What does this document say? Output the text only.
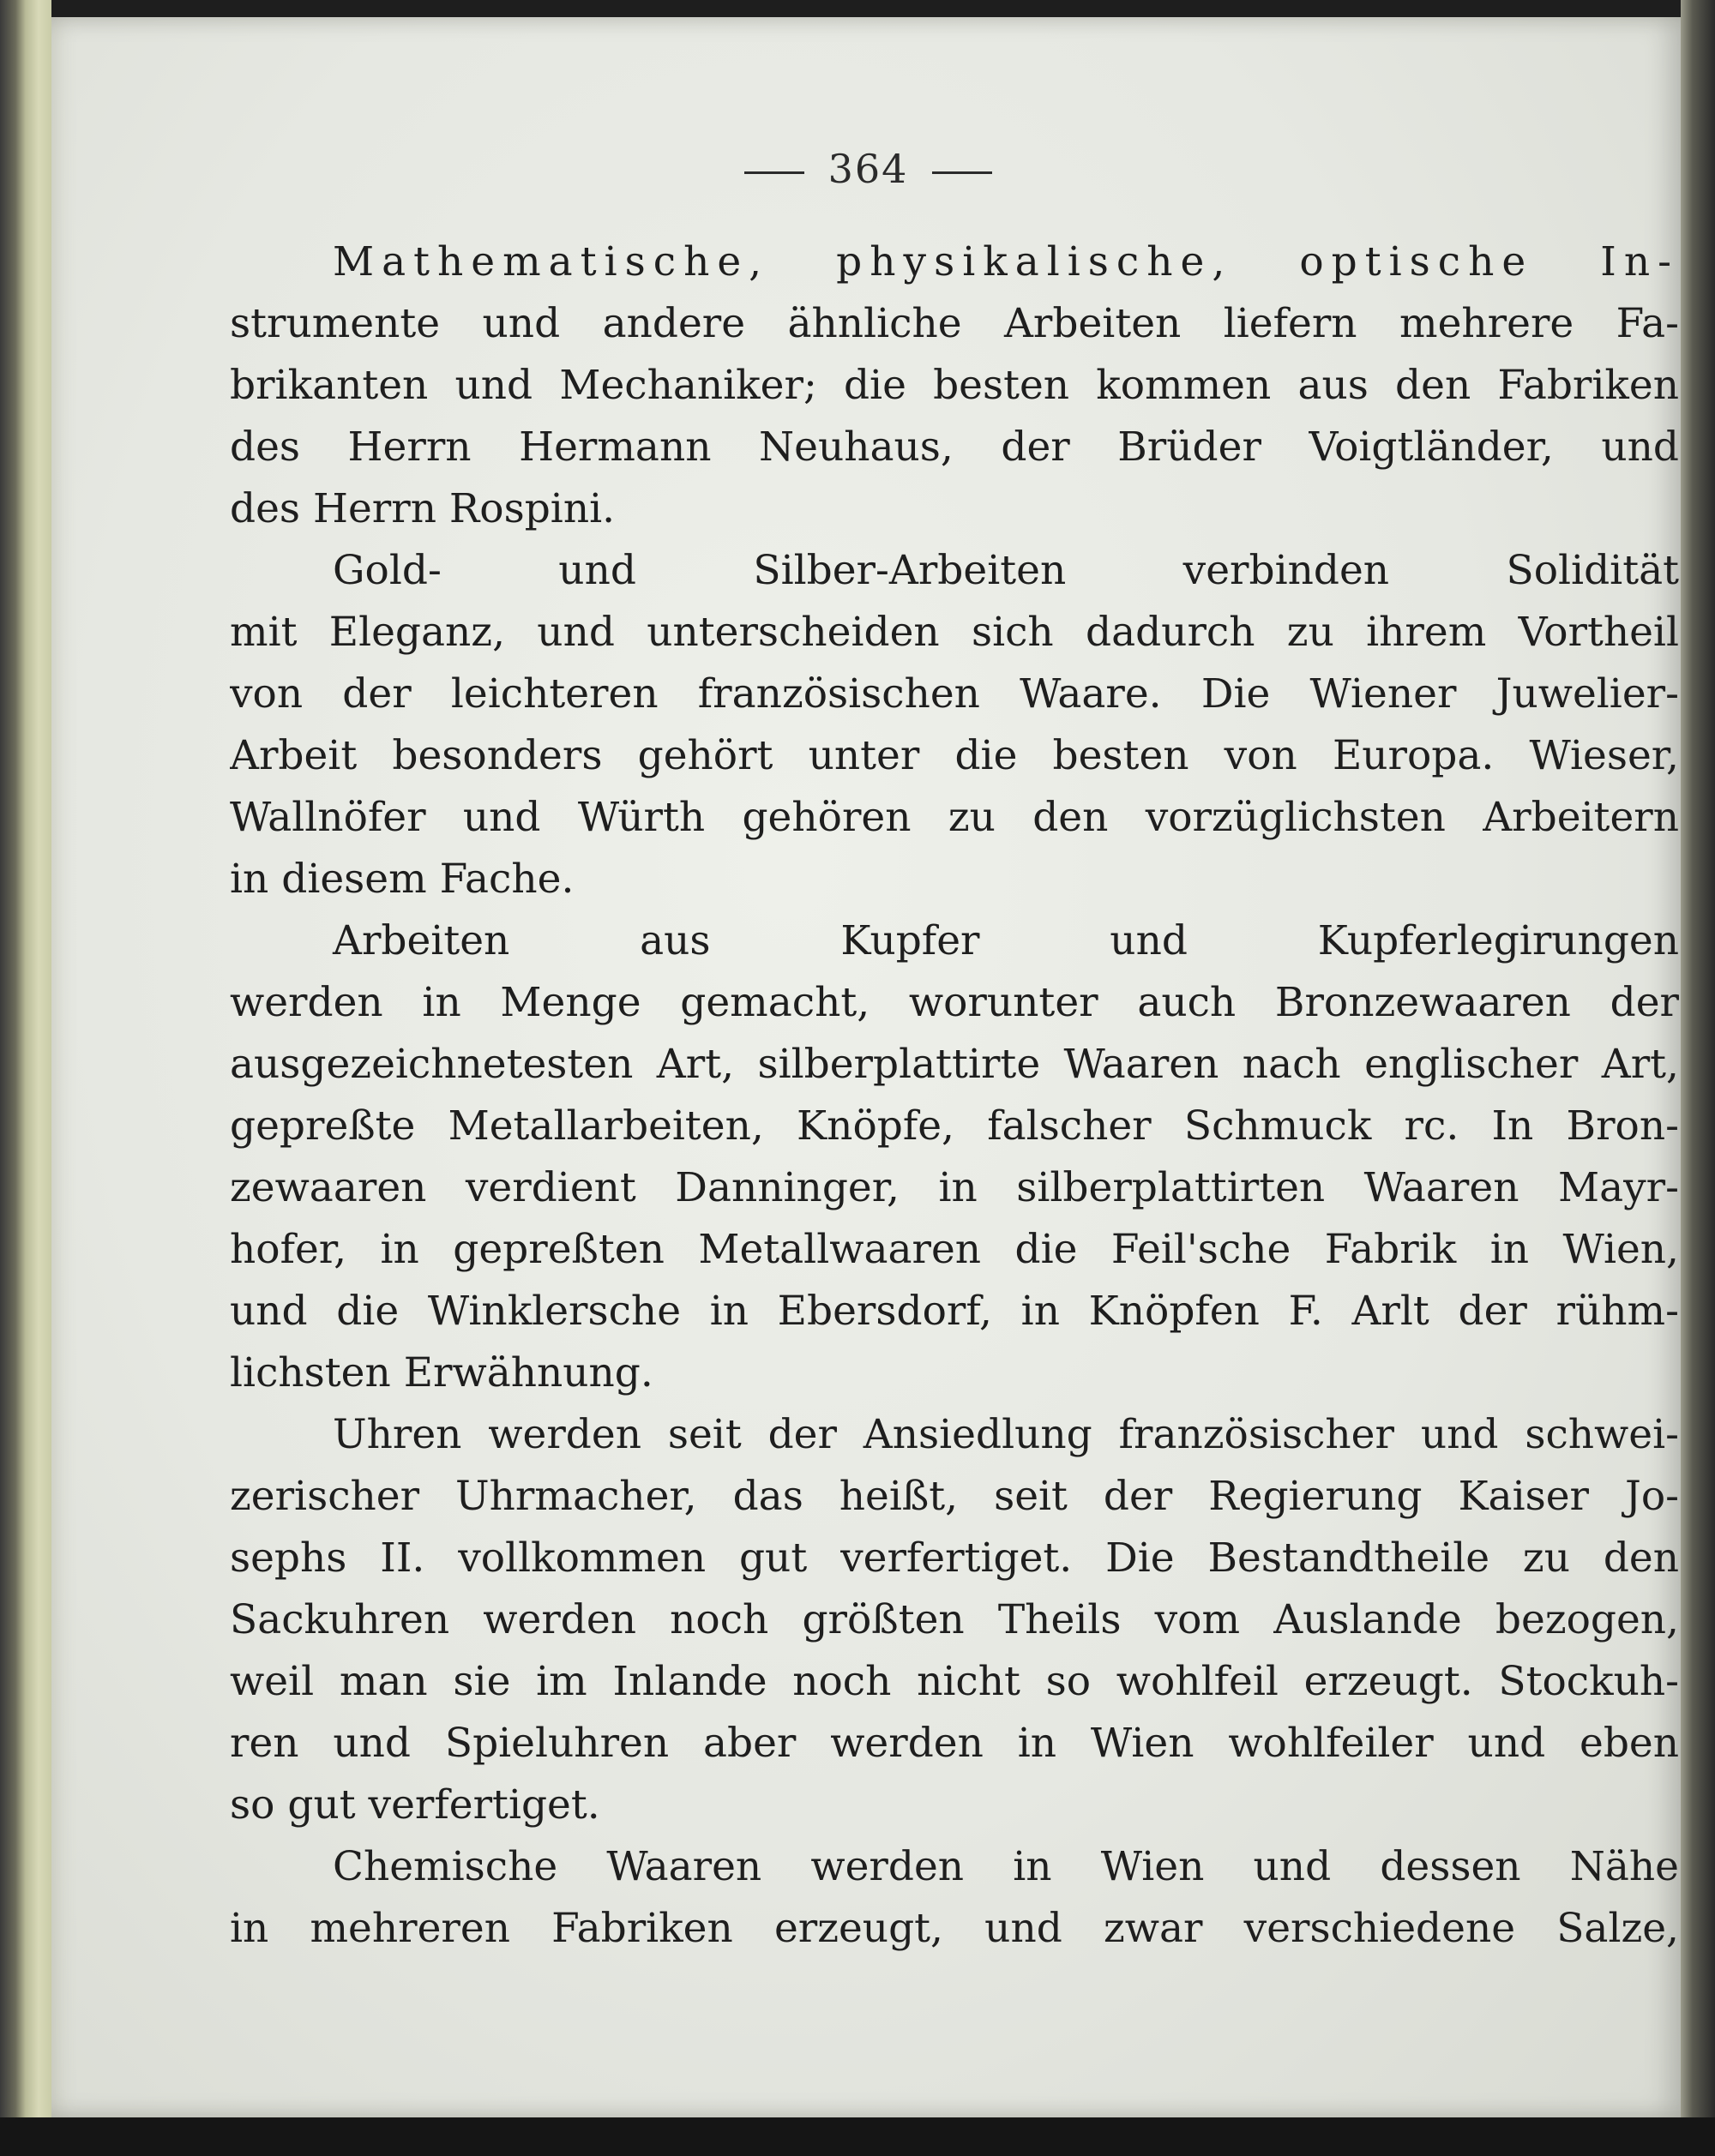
364
Mathematische, physikalische, optische In-
strumente und andere ähnliche Arbeiten liefern mehrere Fa-
brikanten und Mechaniker; die besten kommen aus den Fabriken
des Herrn Hermann Neuhaus, der Brüder Voigtländer, und
des Herrn Rospini.
Gold- und Silber-Arbeiten verbinden Solidität
mit Eleganz, und unterscheiden sich dadurch zu ihrem Vortheil
von der leichteren französischen Waare. Die Wiener Juwelier-
Arbeit besonders gehört unter die besten von Europa. Wieser,
Wallnöfer und Würth gehören zu den vorzüglichsten Arbeitern
in diesem Fache.
Arbeiten aus Kupfer und Kupferlegirungen
werden in Menge gemacht, worunter auch Bronzewaaren der
ausgezeichnetesten Art, silberplattirte Waaren nach englischer Art,
gepreßte Metallarbeiten, Knöpfe, falscher Schmuck rc. In Bron-
zewaaren verdient Danninger, in silberplattirten Waaren Mayr-
hofer, in gepreßten Metallwaaren die Feil'sche Fabrik in Wien,
und die Winklersche in Ebersdorf, in Knöpfen F. Arlt der rühm-
lichsten Erwähnung.
Uhren werden seit der Ansiedlung französischer und schwei-
zerischer Uhrmacher, das heißt, seit der Regierung Kaiser Jo-
sephs II. vollkommen gut verfertiget. Die Bestandtheile zu den
Sackuhren werden noch größten Theils vom Auslande bezogen,
weil man sie im Inlande noch nicht so wohlfeil erzeugt. Stockuh-
ren und Spieluhren aber werden in Wien wohlfeiler und eben
so gut verfertiget.
Chemische Waaren werden in Wien und dessen Nähe
in mehreren Fabriken erzeugt, und zwar verschiedene Salze,
